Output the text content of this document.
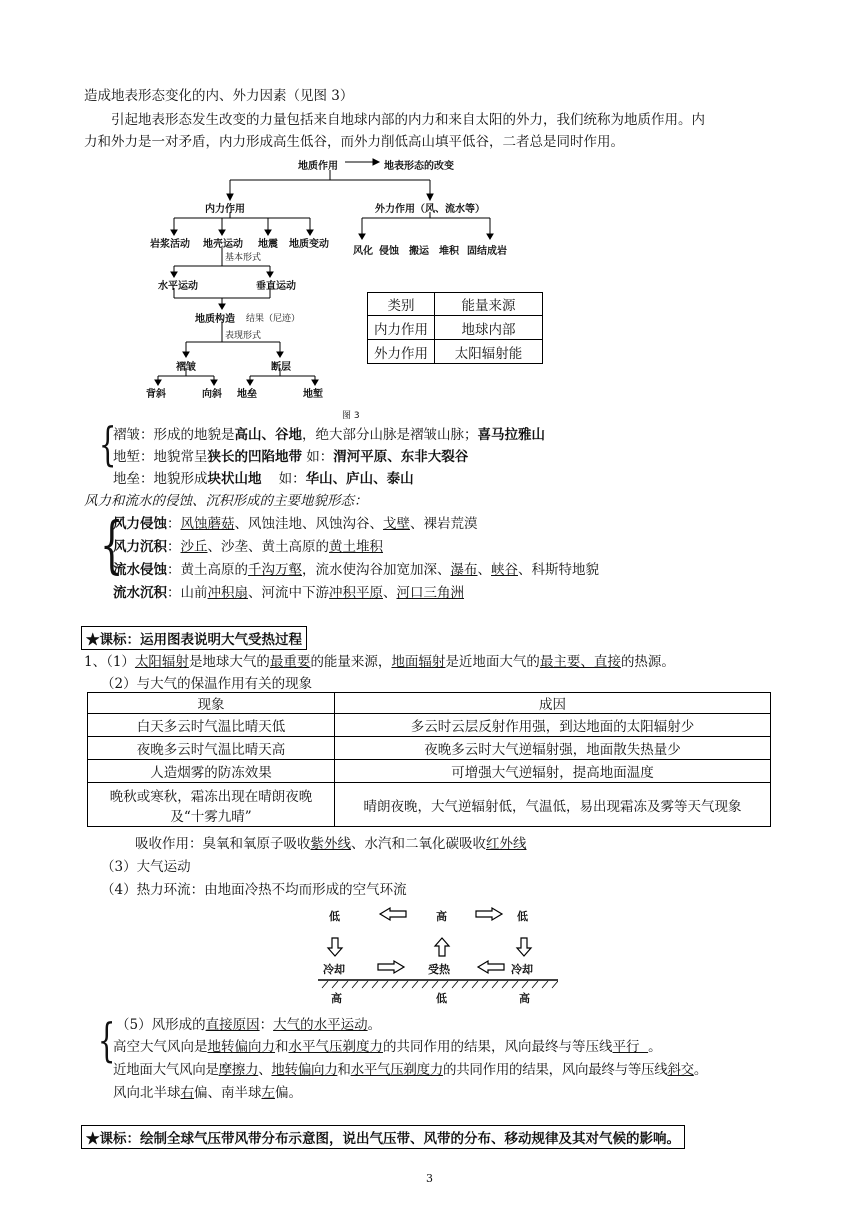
造成地表形态变化的内、外力因素（见图 3）
引起地表形态发生改变的力量包括来自地球内部的内力和来自太阳的外力，我们统称为地质作用。内
力和外力是一对矛盾，内力形成高生低谷，而外力削低高山填平低谷，二者总是同时作用。
地质作用	地表形态的改变
内力作用	外力作用（风、流水等）
岩浆活动 地壳运动 地震 地质变动
风化 侵蚀 搬运 堆积 固结成岩
基本形式
水平运动	垂直运动
地质构造 结果（尼迹）
表现形式
褶皱	断层
背斜	向斜 地垒	地堑
图 3
类别	能量来源
内力作用	地球内部
外力作用	太阳辐射能
{
褶皱：形成的地貌是高山、谷地，绝大部分山脉是褶皱山脉；喜马拉雅山
地堑：地貌常呈狭长的凹陷地带 如：渭河平原、东非大裂谷
地垒：地貌形成块状山地    如：华山、庐山、泰山
风力和流水的侵蚀、沉积形成的主要地貌形态：
{
风力侵蚀：风蚀蘑菇、风蚀洼地、风蚀沟谷、戈壁、裸岩荒漠
风力沉积：沙丘、沙垄、黄土高原的黄土堆积
流水侵蚀：黄土高原的千沟万壑，流水使沟谷加宽加深、瀑布、峡谷、科斯特地貌
流水沉积：山前冲积扇、河流中下游冲积平原、河口三角洲
★课标：运用图表说明大气受热过程
1、（1）太阳辐射是地球大气的最重要的能量来源，地面辐射是近地面大气的最主要、直接的热源。
（2）与大气的保温作用有关的现象
现象	成因
白天多云时气温比晴天低	多云时云层反射作用强，到达地面的太阳辐射少
夜晚多云时气温比晴天高	夜晚多云时大气逆辐射强，地面散失热量少
人造烟雾的防冻效果	可增强大气逆辐射，提高地面温度

晚秋或寒秋，霜冻出现在晴朗夜晚
及“十雾九晴”	晴朗夜晚，大气逆辐射低，气温低，易出现霜冻及雾等天气现象
吸收作用：臭氧和氧原子吸收紫外线、水汽和二氧化碳吸收红外线
（3）大气运动
（4）热力环流：由地面冷热不均而形成的空气环流
低	高	低
冷却	受热	冷却
高	低	高
{ （5）风形成的直接原因：大气的水平运动。
高空大气风向是地转偏向力和水平气压剃度力的共同作用的结果，风向最终与等压线平行  。
近地面大气风向是摩擦力、地转偏向力和水平气压剃度力的共同作用的结果，风向最终与等压线斜交。
风向北半球右偏、南半球左偏。
★课标：绘制全球气压带风带分布示意图，说出气压带、风带的分布、移动规律及其对气候的影响。
3
